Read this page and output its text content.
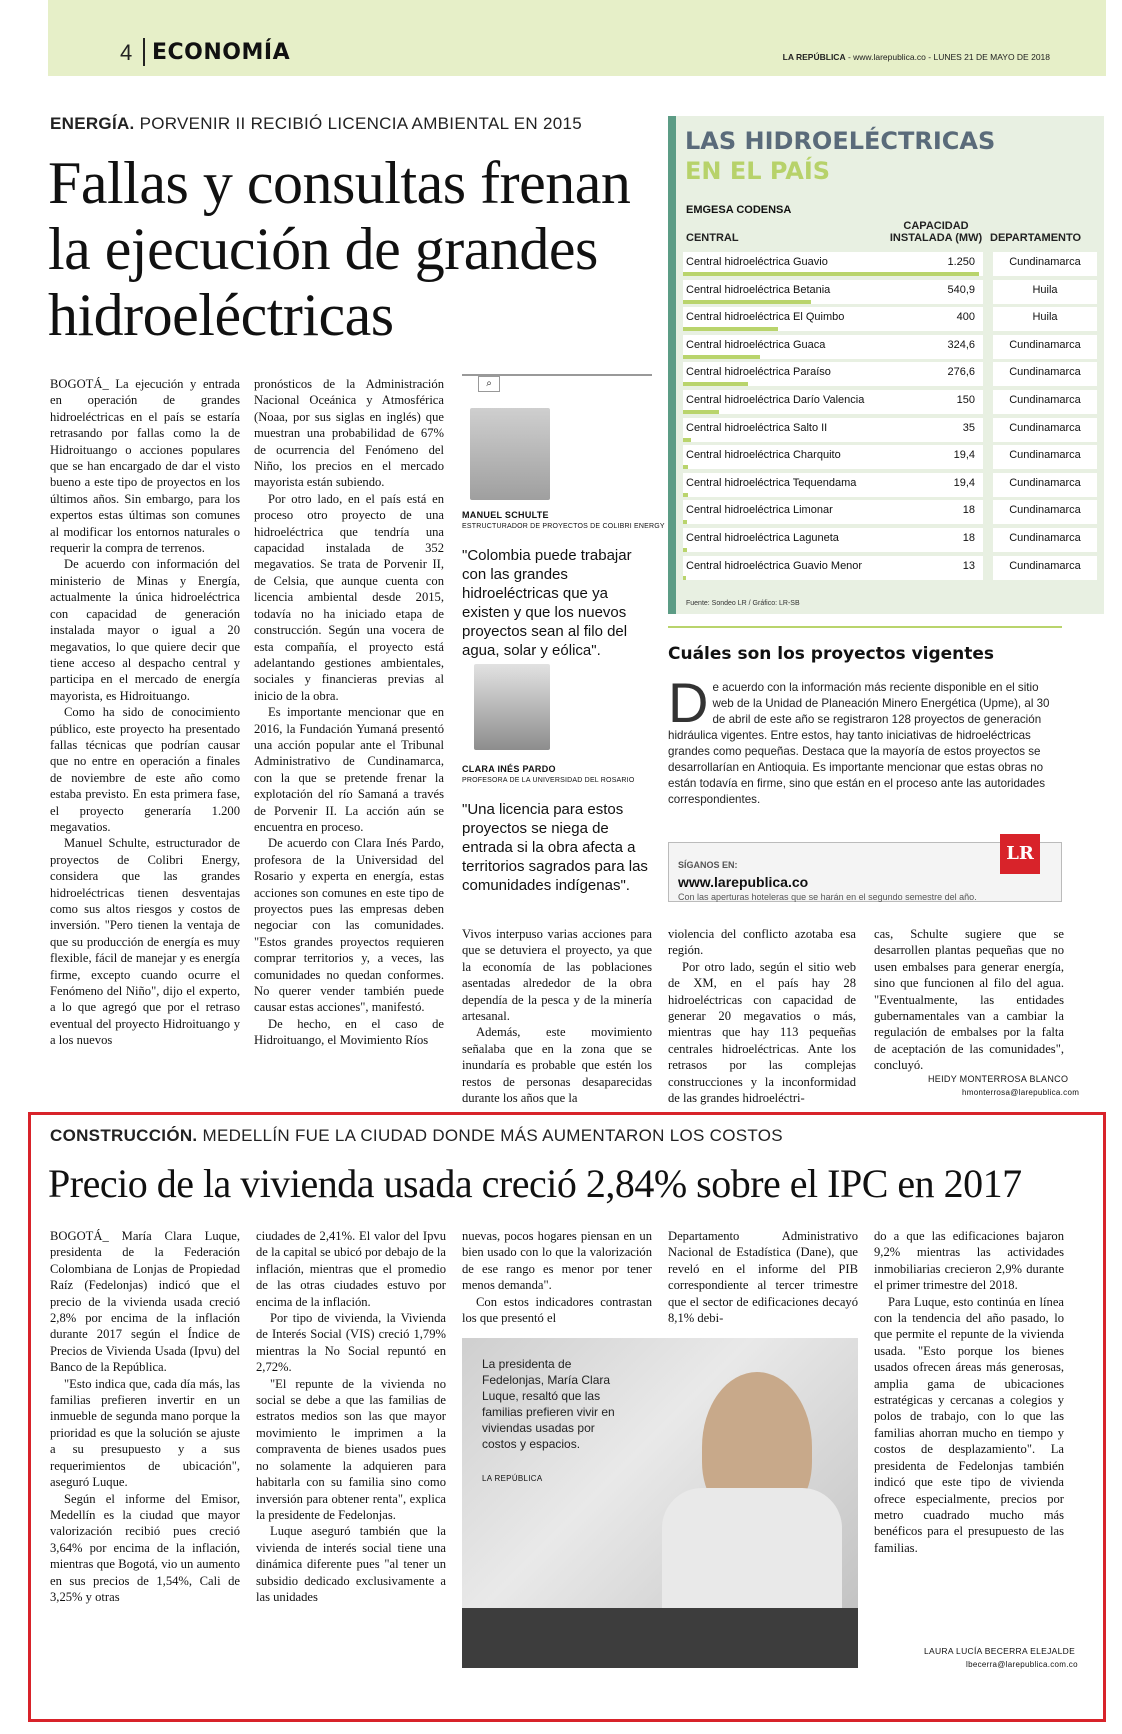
4 ECONOMÍA	LA REPÚBLICA - www.larepublica.co - LUNES 21 DE MAYO DE 2018
ENERGÍA. PORVENIR II RECIBIÓ LICENCIA AMBIENTAL EN 2015
Fallas y consultas frenan la ejecución de grandes hidroeléctricas

BOGOTÁ_ La ejecución y entrada en operación de grandes hidroeléctricas en el país se estaría retrasando por fallas como la de Hidroituango o acciones populares que se han encargado de dar el visto bueno a este tipo de proyectos en los últimos años. Sin embargo, para los expertos estas últimas son comunes al modificar los entornos naturales o requerir la compra de terrenos.

De acuerdo con información del ministerio de Minas y Energía, actualmente la única hidroeléctrica con capacidad de generación instalada mayor o igual a 20 megavatios, lo que quiere decir que tiene acceso al despacho central y participa en el mercado de energía mayorista, es Hidroituango.

Como ha sido de conocimiento público, este proyecto ha presentado fallas técnicas que podrían causar que no entre en operación a finales de noviembre de este año como estaba previsto. En esta primera fase, el proyecto generaría 1.200 megavatios.

Manuel Schulte, estructurador de proyectos de Colibri Energy, considera que las grandes hidroeléctricas tienen desventajas como sus altos riesgos y costos de inversión. "Pero tienen la ventaja de que su producción de energía es muy flexible, fácil de manejar y es energía firme, excepto cuando ocurre el Fenómeno del Niño", dijo el experto, a lo que agregó que por el retraso eventual del proyecto Hidroituango y a los nuevos

pronósticos de la Administración Nacional Oceánica y Atmosférica (Noaa, por sus siglas en inglés) que muestran una probabilidad de 67% de ocurrencia del Fenómeno del Niño, los precios en el mercado mayorista están subiendo.

Por otro lado, en el país está en proceso otro proyecto de una hidroeléctrica que tendría una capacidad instalada de 352 megavatios. Se trata de Porvenir II, de Celsia, que aunque cuenta con licencia ambiental desde 2015, todavía no ha iniciado etapa de construcción. Según una vocera de esta compañía, el proyecto está adelantando gestiones ambientales, sociales y financieras previas al inicio de la obra.

Es importante mencionar que en 2016, la Fundación Yumaná presentó una acción popular ante el Tribunal Administrativo de Cundinamarca, con la que se pretende frenar la explotación del río Samaná a través de Porvenir II. La acción aún se encuentra en proceso.

De acuerdo con Clara Inés Pardo, profesora de la Universidad del Rosario y experta en energía, estas acciones son comunes en este tipo de proyectos pues las empresas deben negociar con las comunidades. "Estos grandes proyectos requieren comprar territorios y, a veces, las comunidades no quedan conformes. No querer vender también puede causar estas acciones", manifestó.

De hecho, en el caso de Hidroituango, el Movimiento Ríos

⌕
MANUEL SCHULTE
ESTRUCTURADOR DE PROYECTOS DE COLIBRI ENERGY
"Colombia puede trabajar con las grandes hidroeléctricas que ya existen y que los nuevos proyectos sean al filo del agua, solar y eólica".
CLARA INÉS PARDO
PROFESORA DE LA UNIVERSIDAD DEL ROSARIO
"Una licencia para estos proyectos se niega de entrada si la obra afecta a territorios sagrados para las comunidades indígenas".

Vivos interpuso varias acciones para que se detuviera el proyecto, ya que la economía de las poblaciones asentadas alrededor de la obra dependía de la pesca y de la minería artesanal.

Además, este movimiento señalaba que en la zona que se inundaría es probable que estén los restos de personas desaparecidas durante los años que la

violencia del conflicto azotaba esa región.

Por otro lado, según el sitio web de XM, en el país hay 28 hidroeléctricas con capacidad de generar 20 megavatios o más, mientras que hay 113 pequeñas centrales hidroeléctricas. Ante los retrasos por las complejas construcciones y la inconformidad de las grandes hidroeléctri-

cas, Schulte sugiere que se desarrollen plantas pequeñas que no usen embalses para generar energía, sino que funcionen al filo del agua. "Eventualmente, las entidades gubernamentales van a cambiar la regulación de embalses por la falta de aceptación de las comunidades", concluyó.

HEIDY MONTERROSA BLANCO
hmonterrosa@larepublica.com
LAS HIDROELÉCTRICAS
EN EL PAÍS
EMGESA CODENSA
CENTRAL
CAPACIDAD INSTALADA (MW) DEPARTAMENTO
Central hidroeléctrica Guavio	1.250	Cundinamarca
Central hidroeléctrica Betania	540,9	Huila
Central hidroeléctrica El Quimbo	400	Huila
Central hidroeléctrica Guaca	324,6	Cundinamarca
Central hidroeléctrica Paraíso	276,6	Cundinamarca
Central hidroeléctrica Darío Valencia	150	Cundinamarca
Central hidroeléctrica Salto II	35	Cundinamarca
Central hidroeléctrica Charquito	19,4	Cundinamarca
Central hidroeléctrica Tequendama	19,4	Cundinamarca
Central hidroeléctrica Limonar	18	Cundinamarca
Central hidroeléctrica Laguneta	18	Cundinamarca
Central hidroeléctrica Guavio Menor	13	Cundinamarca
Fuente: Sondeo LR / Gráfico: LR-SB
Cuáles son los proyectos vigentes
De acuerdo con la información más reciente disponible en el sitio web de la Unidad de Planeación Minero Energética (Upme), al 30 de abril de este año se registraron 128 proyectos de generación hidráulica vigentes. Entre estos, hay tanto iniciativas de hidroeléctricas grandes como pequeñas. Destaca que la mayoría de estos proyectos se desarrollarían en Antioquia. Es importante mencionar que estas obras no están todavía en firme, sino que están en el proceso ante las autoridades correspondientes.
SÍGANOS EN:
www.larepublica.co
Con las aperturas hoteleras que se harán en el segundo semestre del año.
LR
CONSTRUCCIÓN. MEDELLÍN FUE LA CIUDAD DONDE MÁS AUMENTARON LOS COSTOS
Precio de la vivienda usada creció 2,84% sobre el IPC en 2017

BOGOTÁ_ María Clara Luque, presidenta de la Federación Colombiana de Lonjas de Propiedad Raíz (Fedelonjas) indicó que el precio de la vivienda usada creció 2,8% por encima de la inflación durante 2017 según el Índice de Precios de Vivienda Usada (Ipvu) del Banco de la República.

"Esto indica que, cada día más, las familias prefieren invertir en un inmueble de segunda mano porque la prioridad es que la solución se ajuste a su presupuesto y a sus requerimientos de ubicación", aseguró Luque.

Según el informe del Emisor, Medellín es la ciudad que mayor valorización recibió pues creció 3,64% por encima de la inflación, mientras que Bogotá, vio un aumento en sus precios de 1,54%, Cali de 3,25% y otras

ciudades de 2,41%. El valor del Ipvu de la capital se ubicó por debajo de la inflación, mientras que el promedio de las otras ciudades estuvo por encima de la inflación.

Por tipo de vivienda, la Vivienda de Interés Social (VIS) creció 1,79% mientras la No Social repuntó en 2,72%.

"El repunte de la vivienda no social se debe a que las familias de estratos medios son las que mayor movimiento le imprimen a la compraventa de bienes usados pues no solamente la adquieren para habitarla con su familia sino como inversión para obtener renta", explica la presidente de Fedelonjas.

Luque aseguró también que la vivienda de interés social tiene una dinámica diferente pues "al tener un subsidio dedicado exclusivamente a las unidades

nuevas, pocos hogares piensan en un bien usado con lo que la valorización de ese rango es menor por tener menos demanda".

Con estos indicadores contrastan los que presentó el

Departamento Administrativo Nacional de Estadística (Dane), que reveló en el informe del PIB correspondiente al tercer trimestre que el sector de edificaciones decayó 8,1% debi-

do a que las edificaciones bajaron 9,2% mientras las actividades inmobiliarias crecieron 2,9% durante el primer trimestre del 2018.

Para Luque, esto continúa en línea con la tendencia del año pasado, lo que permite el repunte de la vivienda usada. "Esto porque los bienes usados ofrecen áreas más generosas, amplia gama de ubicaciones estratégicas y cercanas a colegios y polos de trabajo, con lo que las familias ahorran mucho en tiempo y costos de desplazamiento". La presidenta de Fedelonjas también indicó que este tipo de vivienda ofrece especialmente, precios por metro cuadrado mucho más benéficos para el presupuesto de las familias.

La presidenta de Fedelonjas, María Clara Luque, resaltó que las familias prefieren vivir en viviendas usadas por costos y espacios.
LA REPÚBLICA
LAURA LUCÍA BECERRA ELEJALDE
lbecerra@larepublica.com.co
